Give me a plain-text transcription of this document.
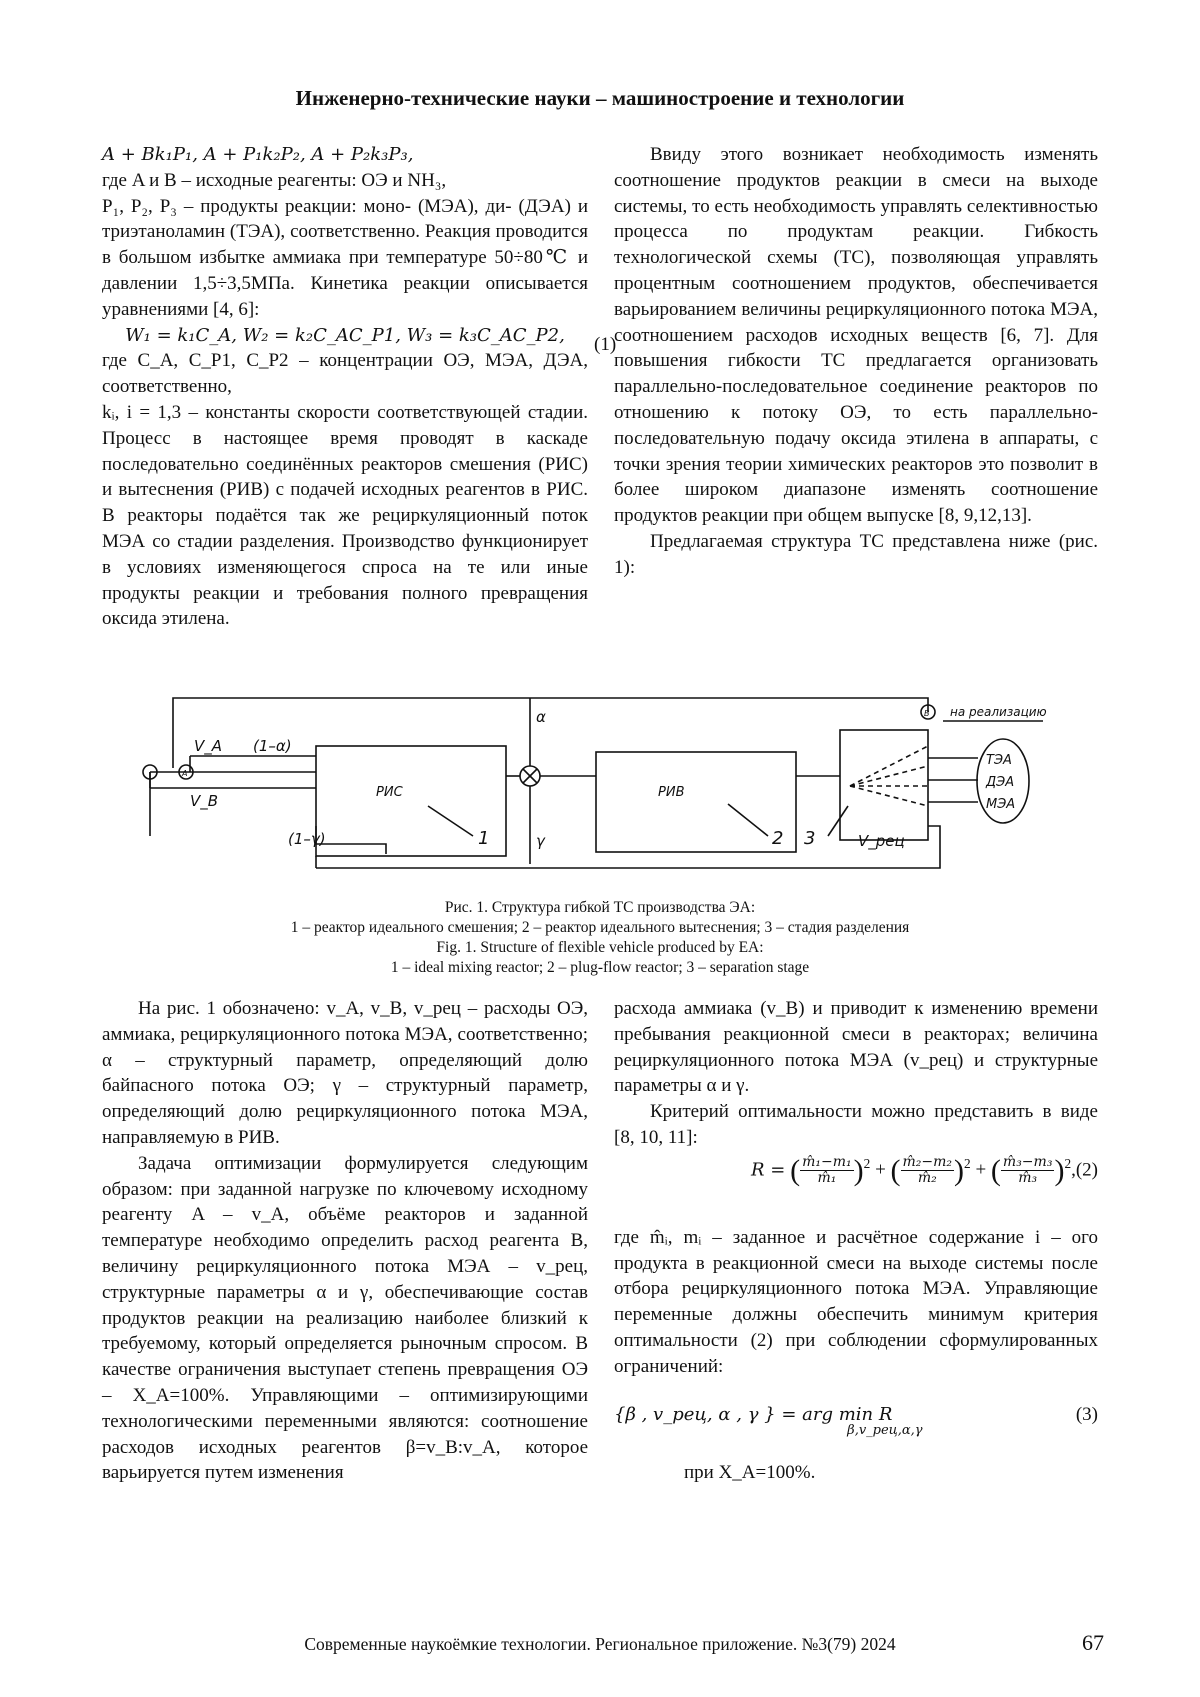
Инженерно-технические науки – машиностроение и технологии

A + Bk₁P₁, A + P₁k₂P₂, A + P₂k₃P₃,

где A и B – исходные реагенты: ОЭ и NH₃,

P₁, P₂, P₃ – продукты реакции: моно- (МЭА), ди- (ДЭА) и триэтаноламин (ТЭА), соответственно. Реакция проводится в большом избытке аммиака при температуре 50÷80℃ и давлении 1,5÷3,5МПа. Кинетика реакции описывается уравнениями [4, 6]:

W₁ = k₁C_A, W₂ = k₂C_AC_P1, W₃ = k₃C_AC_P2,

где C_A, C_P1, C_P2 – концентрации ОЭ, МЭА, ДЭА, соответственно,

kᵢ, i = 1,3 – константы скорости соответствующей стадии. Процесс в настоящее время проводят в каскаде последовательно соединённых реакторов смешения (РИС) и вытеснения (РИВ) с подачей исходных реагентов в РИС. В реакторы подаётся так же рециркуляционный поток МЭА со стадии разделения. Производство функционирует в условиях изменяющегося спроса на те или иные продукты реакции и требования полного превращения оксида этилена.

Ввиду этого возникает необходимость изменять соотношение продуктов реакции в смеси на выходе системы, то есть необходимость управлять селективностью процесса по продуктам реакции. Гибкость технологической схемы (ТС), позволяющая управлять процентным соотношением продуктов, обеспечивается варьированием величины рециркуляционного потока МЭА, соотношением расходов исходных веществ [6, 7]. Для повышения гибкости ТС предлагается организовать параллельно-последовательное соединение реакторов по отношению к потоку ОЭ, то есть параллельно-последовательную подачу оксида этилена в аппараты, с точки зрения теории химических реакторов это позволит в более широком диапазоне изменять соотношение продуктов реакции при общем выпуске [8, 9,12,13].

Предлагаемая структура ТС представлена ниже (рис. 1):

(1)
V_A
V_B
(1–α)
α
γ
(1–γ)
РИС	РИВ
1	2 3	V_рец
на реализацию
ТЭА
ДЭА
МЭА
A
B
Рис. 1. Структура гибкой ТС производства ЭА:
1 – реактор идеального смешения; 2 – реактор идеального вытеснения; 3 – стадия разделения
Fig. 1. Structure of flexible vehicle produced by EA:
1 – ideal mixing reactor; 2 – plug-flow reactor; 3 – separation stage

На рис. 1 обозначено: v_A, v_B, v_рец – расходы ОЭ, аммиака, рециркуляционного потока МЭА, соответственно; α – структурный параметр, определяющий долю байпасного потока ОЭ; γ – структурный параметр, определяющий долю рециркуляционного потока МЭА, направляемую в РИВ.

Задача оптимизации формулируется следующим образом: при заданной нагрузке по ключевому исходному реагенту A – v_A, объёме реакторов и заданной температуре необходимо определить расход реагента B, величину рециркуляционного потока МЭА – v_рец, структурные параметры α и γ, обеспечивающие состав продуктов реакции на реализацию наиболее близкий к требуемому, который определяется рыночным спросом. В качестве ограничения выступает степень превращения ОЭ – X_A=100%. Управляющими – оптимизирующими технологическими переменными являются: соотношение расходов исходных реагентов β=v_B:v_A, которое варьируется путем изменения

расхода аммиака (v_B) и приводит к изменению времени пребывания реакционной смеси в реакторах; величина рециркуляционного потока МЭА (v_рец) и структурные параметры α и γ.

Критерий оптимальности можно представить в виде [8, 10, 11]:

R = ( $\frac{\text{m̂₁−m₁}}{\text{m̂₁}} )^2$ + ( $\frac{\text{m̂₂−m₂}}{\text{m̂₂}} )^2$ + ( $\frac{\text{m̂₃−m₃}}{\text{m̂₃}} )^2,(2)$

где m̂ᵢ, mᵢ – заданное и расчётное содержание i – ого продукта в реакционной смеси на выходе системы после отбора рециркуляционного потока МЭА. Управляющие переменные должны обеспечить минимум критерия оптимальности (2) при соблюдении сформулированных ограничений:

{β , v_рец, α , γ } = arg min R $_{\beta,v\_рец,\alpha,\gamma}$
(3)

при X_A=100%.

Современные наукоёмкие технологии. Региональное приложение. №3(79) 2024	67
